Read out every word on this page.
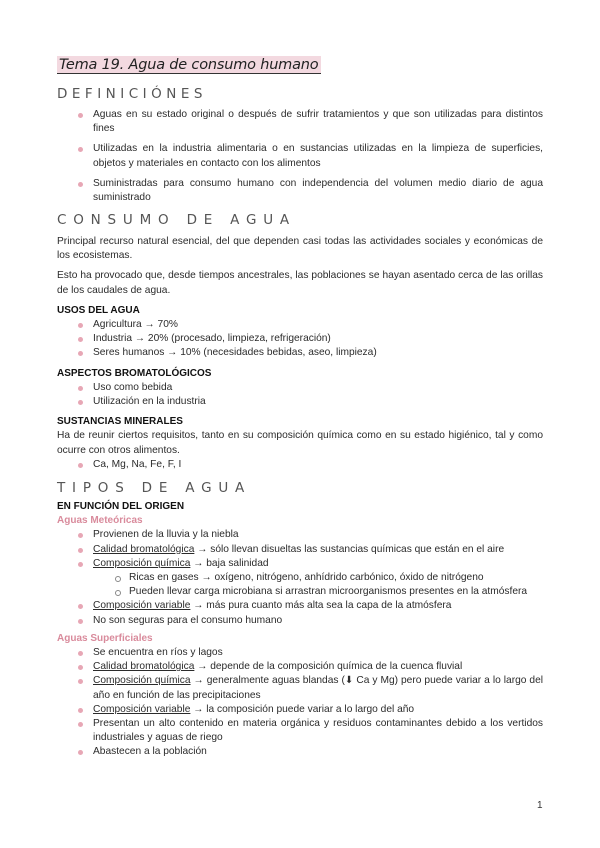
Tema 19. Agua de consumo humano
DEFINICIÓNES
Aguas en su estado original o después de sufrir tratamientos y que son utilizadas para distintos fines
Utilizadas en la industria alimentaria o en sustancias utilizadas en la limpieza de superficies, objetos y materiales en contacto con los alimentos
Suministradas para consumo humano con independencia del volumen medio diario de agua suministrado
CONSUMO DE AGUA

Principal recurso natural esencial, del que dependen casi todas las actividades sociales y económicas de los ecosistemas.

Esto ha provocado que, desde tiempos ancestrales, las poblaciones se hayan asentado cerca de las orillas de los caudales de agua.

USOS DEL AGUA

Agricultura → 70%
Industria → 20% (procesado, limpieza, refrigeración)
Seres humanos → 10% (necesidades bebidas, aseo, limpieza)

ASPECTOS BROMATOLÓGICOS

Uso como bebida
Utilización en la industria

SUSTANCIAS MINERALES

Ha de reunir ciertos requisitos, tanto en su composición química como en su estado higiénico, tal y como ocurre con otros alimentos.

Ca, Mg, Na, Fe, F, I
TIPOS DE AGUA

EN FUNCIÓN DEL ORIGEN

Aguas Meteóricas

Provienen de la lluvia y la niebla
Calidad bromatológica → sólo llevan disueltas las sustancias químicas que están en el aire
Composición química → baja salinidad
Ricas en gases → oxígeno, nitrógeno, anhídrido carbónico, óxido de nitrógeno
Pueden llevar carga microbiana si arrastran microorganismos presentes en la atmósfera
Composición variable → más pura cuanto más alta sea la capa de la atmósfera
No son seguras para el consumo humano

Aguas Superficiales

Se encuentra en ríos y lagos
Calidad bromatológica → depende de la composición química de la cuenca fluvial
Composición química → generalmente aguas blandas (⬇ Ca y Mg) pero puede variar a lo largo del año en función de las precipitaciones
Composición variable → la composición puede variar a lo largo del año
Presentan un alto contenido en materia orgánica y residuos contaminantes debido a los vertidos industriales y aguas de riego
Abastecen a la población
1
